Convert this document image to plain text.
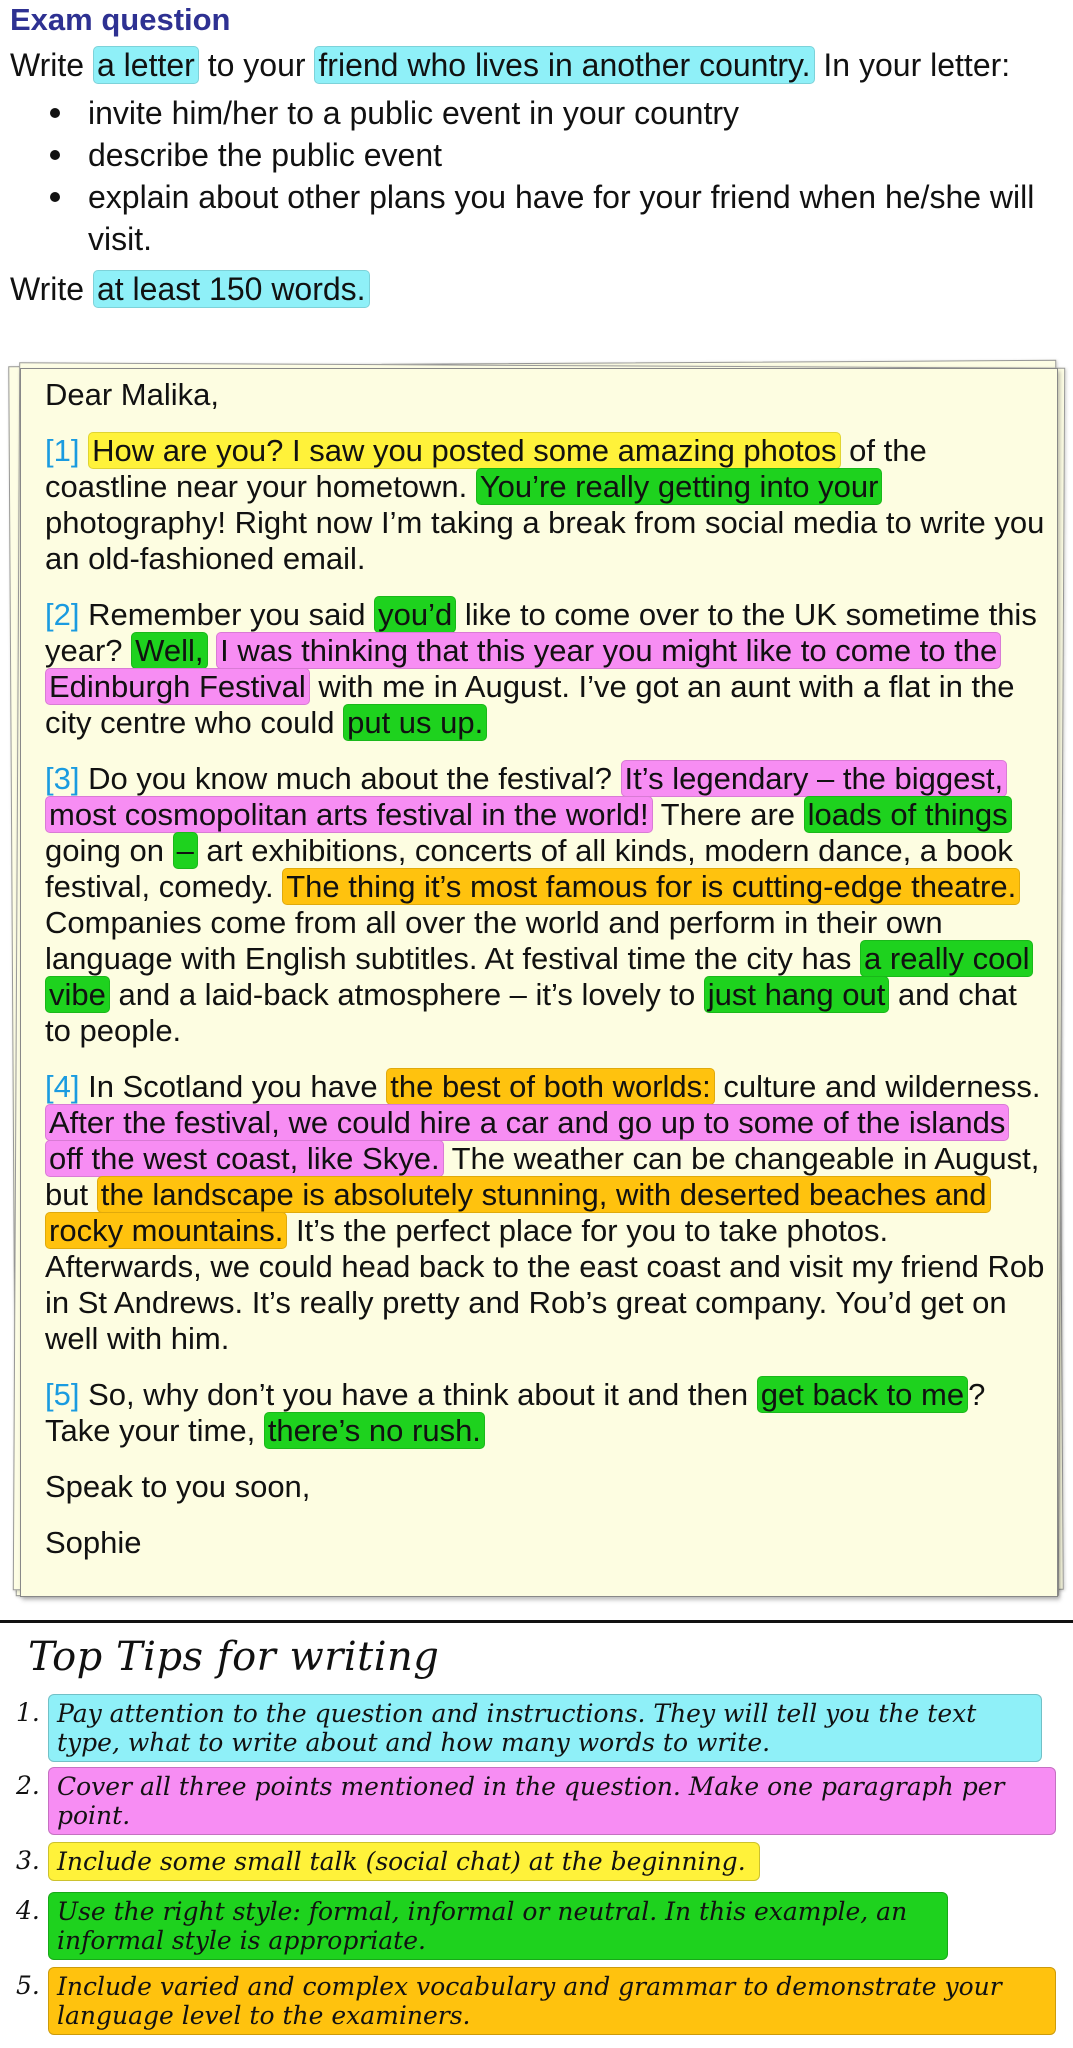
Exam question

Write a letter to your friend who lives in another country. In your letter:

invite him/her to a public event in your country
describe the public event
explain about other plans you have for your friend when he/she will visit.

Write at least 150 words.

Dear Malika,

[1] How are you? I saw you posted some amazing photos of the coastline near your hometown. You’re really getting into your photography! Right now I’m taking a break from social media to write you an old-fashioned email.

[2] Remember you said you’d like to come over to the UK sometime this year? Well, I was thinking that this year you might like to come to the Edinburgh Festival with me in August. I’ve got an aunt with a flat in the city centre who could put us up.

[3] Do you know much about the festival? It’s legendary – the biggest, most cosmopolitan arts festival in the world! There are loads of things going on – art exhibitions, concerts of all kinds, modern dance, a book festival, comedy. The thing it’s most famous for is cutting-edge theatre. Companies come from all over the world and perform in their own language with English subtitles. At festival time the city has a really cool vibe and a laid-back atmosphere – it’s lovely to just hang out and chat to people.

[4] In Scotland you have the best of both worlds: culture and wilderness. After the festival, we could hire a car and go up to some of the islands off the west coast, like Skye. The weather can be changeable in August, but the landscape is absolutely stunning, with deserted beaches and rocky mountains. It’s the perfect place for you to take photos. Afterwards, we could head back to the east coast and visit my friend Rob in St Andrews. It’s really pretty and Rob’s great company. You’d get on well with him.

[5] So, why don’t you have a think about it and then get back to me ? Take your time, there’s no rush.

Speak to you soon,

Sophie

Top Tips for writing
1. Pay attention to the question and instructions. They will tell you the text type, what to write about and how many words to write.
2. Cover all three points mentioned in the question. Make one paragraph per point.
3. Include some small talk (social chat) at the beginning.
4. Use the right style: formal, informal or neutral. In this example, an informal style is appropriate.
5. Include varied and complex vocabulary and grammar to demonstrate your language level to the examiners.
